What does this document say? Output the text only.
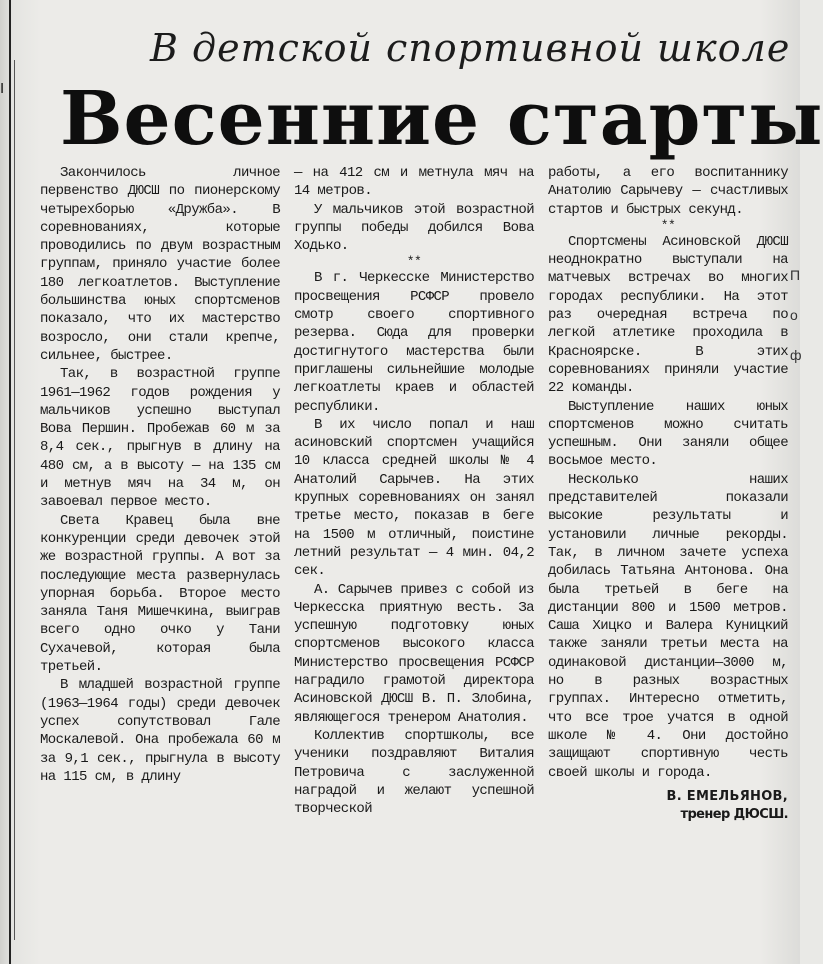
I
П о ф
В детской спортивной школе
Весенние старты

Закончилось личное первенство ДЮСШ по пионерскому четырехборью «Дружба». В соревнованиях, которые проводились по двум возрастным группам, приняло участие более 180 легкоатлетов. Выступление большинства юных спортсменов показало, что их мастерство возросло, они стали крепче, сильнее, быстрее.

Так, в возрастной группе 1961—1962 годов рождения у мальчиков успешно выступал Вова Першин. Пробежав 60 м за 8,4 сек., прыгнув в длину на 480 см, а в высоту — на 135 см и метнув мяч на 34 м, он завоевал первое место.

Света Кравец была вне конкуренции среди девочек этой же возрастной группы. А вот за последующие места развернулась упорная борьба. Второе место заняла Таня Мишечкина, выиграв всего одно очко у Тани Сухачевой, которая была третьей.

В младшей возрастной группе (1963—1964 годы) среди девочек успех сопутствовал Гале Москалевой. Она пробежала 60 м за 9,1 сек., прыгнула в высоту на 115 см, в длину

— на 412 см и метнула мяч на 14 метров.

У мальчиков этой возрастной группы победы добился Вова Ходько.

**

В г. Черкесске Министерство просвещения РСФСР провело смотр своего спортивного резерва. Сюда для проверки достигнутого мастерства были приглашены сильнейшие молодые легкоатлеты краев и областей республики.

В их число попал и наш асиновский спортсмен учащийся 10 класса средней школы № 4 Анатолий Сарычев. На этих крупных соревнованиях он занял третье место, показав в беге на 1500 м отличный, поистине летний результат — 4 мин. 04,2 сек.

А. Сарычев привез с собой из Черкесска приятную весть. За успешную подготовку юных спортсменов высокого класса Министерство просвещения РСФСР наградило грамотой директора Асиновской ДЮСШ В. П. Злобина, являющегося тренером Анатолия.

Коллектив спортшколы, все ученики поздравляют Виталия Петровича с заслуженной наградой и желают успешной творческой

работы, а его воспитаннику Анатолию Сарычеву — счастливых стартов и быстрых секунд.

**

Спортсмены Асиновской ДЮСШ неоднократно выступали на матчевых встречах во многих городах республики. На этот раз очередная встреча по легкой атлетике проходила в Красноярске. В этих соревнованиях приняли участие 22 команды.

Выступление наших юных спортсменов можно считать успешным. Они заняли общее восьмое место.

Несколько наших представителей показали высокие результаты и установили личные рекорды. Так, в личном зачете успеха добилась Татьяна Антонова. Она была третьей в беге на дистанции 800 и 1500 метров. Саша Хицко и Валера Куницкий также заняли третьи места на одинаковой дистанции—3000 м, но в разных возрастных группах. Интересно отметить, что все трое учатся в одной школе № 4. Они достойно защищают спортивную честь своей школы и города.

В. ЕМЕЛЬЯНОВ,
тренер ДЮСШ.
